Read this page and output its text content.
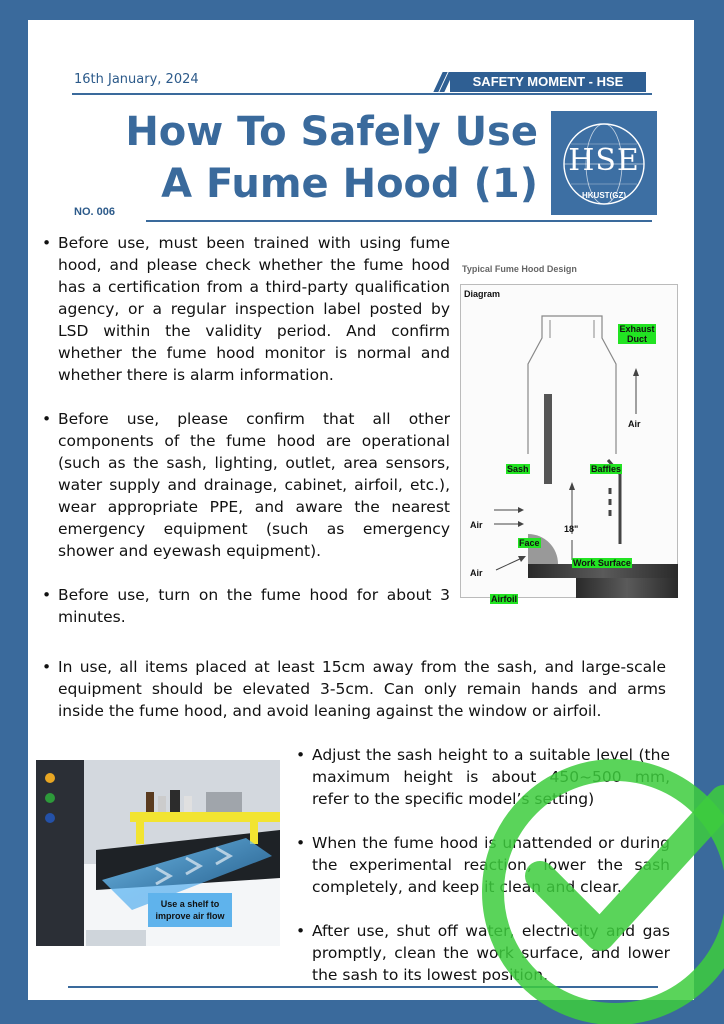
16th January, 2024	SAFETY MOMENT - HSE
How To Safely Use
A Fume Hood (1)
NO. 006
HSE
HKUST(GZ)
• Before use, must been trained with using fume hood, and please check whether the fume hood has a certification from a third-party qualification agency, or a regular inspection label posted by LSD within the validity period. And confirm whether the fume hood monitor is normal and whether there is alarm information.
• Before use, please confirm that all other components of the fume hood are operational (such as the sash, lighting, outlet, area sensors, water supply and drainage, cabinet, airfoil, etc.), wear appropriate PPE, and aware the nearest emergency equipment (such as emergency shower and eyewash equipment).
• Before use, turn on the fume hood for about 3 minutes.
Typical Fume Hood Design
Diagram
Exhaust Duct
Air
Sash	Baffles
Air	18"
Face
Work Surface
Air
Airfoil
• In use, all items placed at least 15cm away from the sash, and large-scale equipment should be elevated 3-5cm. Can only remain hands and arms inside the fume hood, and avoid leaning against the window or airfoil.
Use a shelf to improve air flow
• Adjust the sash height to a suitable level (the maximum height is about 450~500 mm, refer to the specific model’s setting)
• When the fume hood is unattended or during the experimental reaction, lower the sash completely, and keep it clean and clear.
• After use, shut off water, electricity and gas promptly, clean the work surface, and lower the sash to its lowest position.
